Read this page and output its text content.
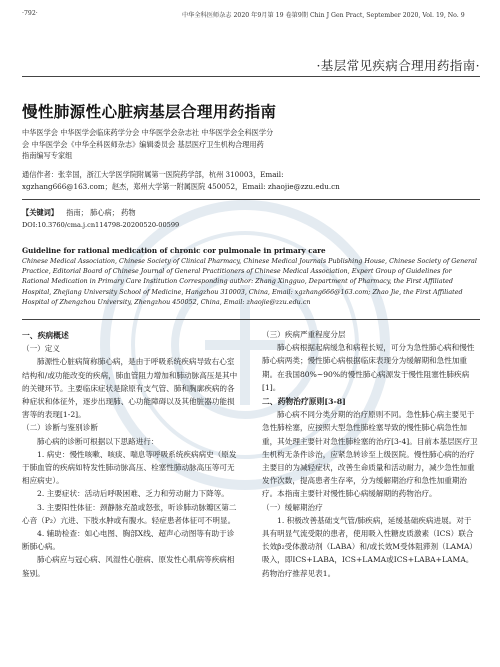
·792·	中华全科医师杂志 2020 年9月第 19 卷第9期 Chin J Gen Pract, September 2020, Vol. 19, No. 9
·基层常见疾病合理用药指南·
慢性肺源性心脏病基层合理用药指南
中华医学会 中华医学会临床药学分会 中华医学会杂志社 中华医学会全科医学分
会 中华医学会《中华全科医师杂志》编辑委员会 基层医疗卫生机构合理用药
指南编写专家组
通信作者：张幸国，浙江大学医学院附属第一医院药学部，杭州 310003，Email:
xgzhang666@163.com；赵杰，郑州大学第一附属医院 450052，Email: zhaojie@zzu.edu.cn
【关键词】 指南； 肺心病； 药物
DOI:10.3760/cma.j.cn114798-20200520-00599
Guideline for rational medication of chronic cor pulmonale in primary care
Chinese Medical Association, Chinese Society of Clinical Pharmacy, Chinese Medical Journals Publishing House, Chinese Society of General Practice, Editorial Board of Chinese Journal of General Practitioners of Chinese Medical Association, Expert Group of Guidelines for Rational Medication in Primary Care Institution Corresponding author: Zhang Xingguo, Department of Pharmacy, the First Affiliated Hospital, Zhejiang University School of Medicine, Hangzhou 310003, China, Email: xgzhang666@163.com; Zhao Jie, the First Affiliated Hospital of Zhengzhou University, Zhengzhou 450052, China, Email: zhaojie@zzu.edu.cn

一、疾病概述

（一）定义

肺源性心脏病简称肺心病，是由于呼吸系统疾病导致右心室结构和/或功能改变的疾病，肺血管阻力增加和肺动脉高压是其中的关键环节。主要临床症状是除原有支气管、肺和胸廓疾病的各种症状和体征外，逐步出现肺、心功能障碍以及其他脏器功能损害等的表现[1-2]。

（二）诊断与鉴别诊断

肺心病的诊断可根据以下思路进行：

1. 病史：慢性咳嗽、咳痰、喘息等呼吸系统疾病病史（原发于肺血管的疾病如特发性肺动脉高压、栓塞性肺动脉高压等可无相应病史）。

2. 主要症状：活动后呼吸困难、乏力和劳动耐力下降等。

3. 主要阳性体征：颈静脉充盈或怒张，听诊肺动脉瓣区第二心音（P₂）亢进、下肢水肿或有腹水。轻症患者体征可不明显。

4. 辅助检查：如心电图、胸部X线、超声心动图等有助于诊断肺心病。

肺心病应与冠心病、风湿性心脏病、原发性心肌病等疾病相鉴别。

（三）疾病严重程度分层

肺心病根据起病缓急和病程长短，可分为急性肺心病和慢性肺心病两类；慢性肺心病根据临床表现分为缓解期和急性加重期。在我国80%~90%的慢性肺心病源发于慢性阻塞性肺疾病[1]。

二、药物治疗原则[3-8]

肺心病不同分类分期的治疗原则不同。急性肺心病主要见于急性肺栓塞，应按照大型急性肺栓塞导致的慢性肺心病急性加重，其处理主要针对急性肺栓塞的治疗[3-4]。目前本基层医疗卫生机构无条件诊治，应紧急转诊至上级医院。慢性肺心病的治疗主要目的为减轻症状，改善生命质量和活动耐力，减少急性加重发作次数，提高患者生存率，分为缓解期治疗和急性加重期治疗。本指南主要针对慢性肺心病缓解期的药物治疗。

（一）缓解期治疗

1. 积极改善基础支气管/肺疾病，延缓基础疾病进展。对于具有明显气流受限的患者，使用吸入性糖皮质激素（ICS）联合长效β₂受体激动剂（LABA）和/或长效M受体阻滞剂（LAMA）吸入，即ICS+LABA，ICS+LAMA或ICS+LABA+LAMA。药物治疗推荐见表1。
